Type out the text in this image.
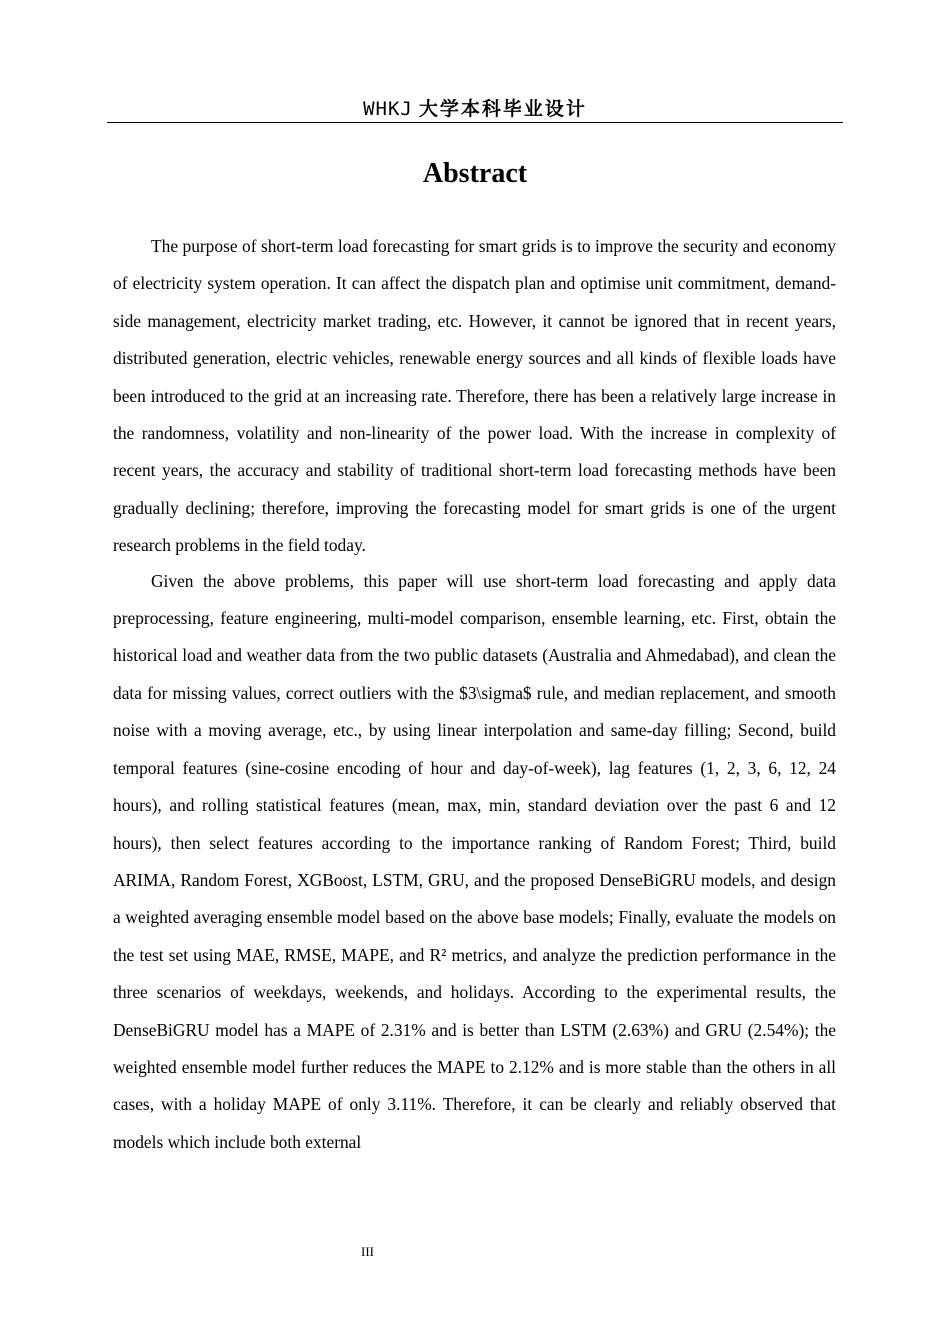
WHKJ 大学本科毕业设计
Abstract

The purpose of short-term load forecasting for smart grids is to improve the security and economy of electricity system operation. It can affect the dispatch plan and optimise unit commitment, demand-side management, electricity market trading, etc. However, it cannot be ignored that in recent years, distributed generation, electric vehicles, renewable energy sources and all kinds of flexible loads have been introduced to the grid at an increasing rate. Therefore, there has been a relatively large increase in the randomness, volatility and non-linearity of the power load. With the increase in complexity of recent years, the accuracy and stability of traditional short-term load forecasting methods have been gradually declining; therefore, improving the forecasting model for smart grids is one of the urgent research problems in the field today.

Given the above problems, this paper will use short-term load forecasting and apply data preprocessing, feature engineering, multi-model comparison, ensemble learning, etc. First, obtain the historical load and weather data from the two public datasets (Australia and Ahmedabad), and clean the data for missing values, correct outliers with the $3\sigma$ rule, and median replacement, and smooth noise with a moving average, etc., by using linear interpolation and same-day filling; Second, build temporal features (sine-cosine encoding of hour and day-of-week), lag features (1, 2, 3, 6, 12, 24 hours), and rolling statistical features (mean, max, min, standard deviation over the past 6 and 12 hours), then select features according to the importance ranking of Random Forest; Third, build ARIMA, Random Forest, XGBoost, LSTM, GRU, and the proposed DenseBiGRU models, and design a weighted averaging ensemble model based on the above base models; Finally, evaluate the models on the test set using MAE, RMSE, MAPE, and R² metrics, and analyze the prediction performance in the three scenarios of weekdays, weekends, and holidays. According to the experimental results, the DenseBiGRU model has a MAPE of 2.31% and is better than LSTM (2.63%) and GRU (2.54%); the weighted ensemble model further reduces the MAPE to 2.12% and is more stable than the others in all cases, with a holiday MAPE of only 3.11%. Therefore, it can be clearly and reliably observed that models which include both external

III
